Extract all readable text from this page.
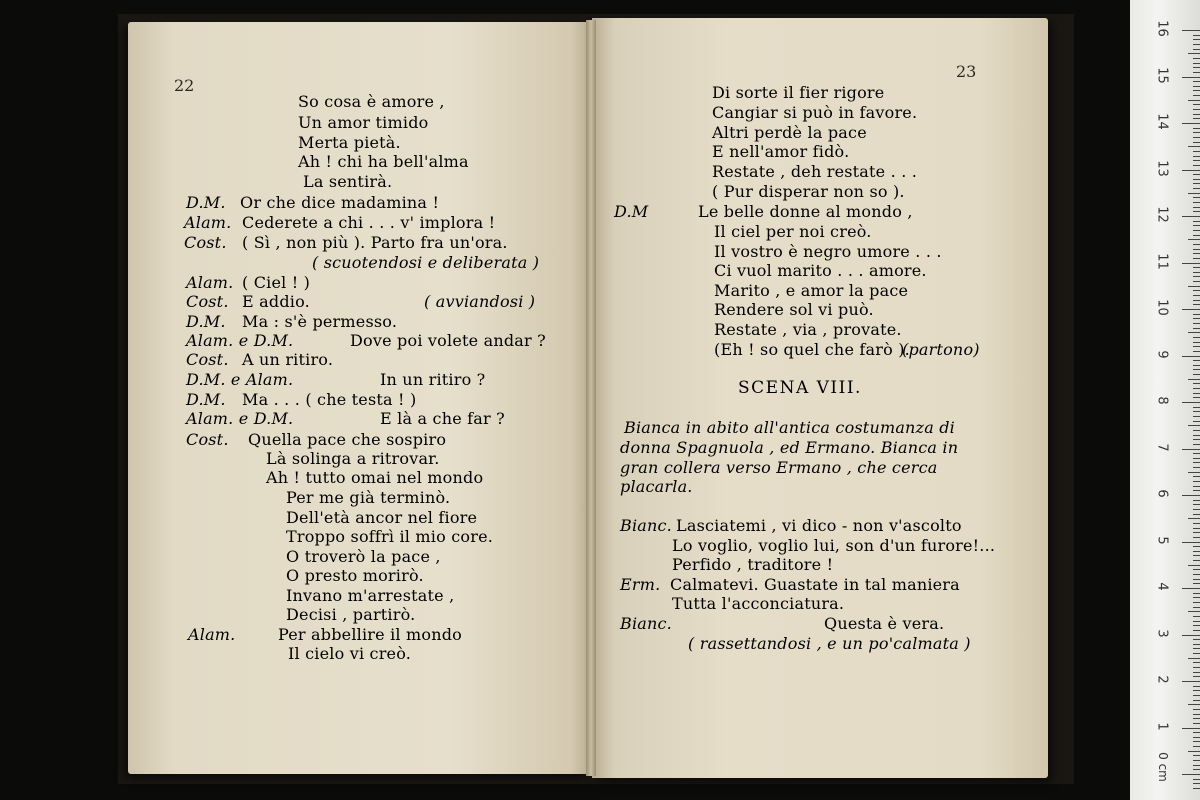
22
23
SCENA VIII.
So cosa è amore ,
Un amor timido
Merta pietà.
Ah ! chi ha bell'alma
La sentirà.
D.M. Or che dice madamina !
Alam. Cederete a chi . . . v' implora !
Cost. ( Sì , non più ). Parto fra un'ora.
( scuotendosi e deliberata )
Alam. ( Ciel ! )
Cost. E addio.	( avviandosi )
D.M. Ma : s'è permesso.
Alam. e D.M.	Dove poi volete andar ?
Cost. A un ritiro.
D.M. e Alam.	In un ritiro ?
D.M. Ma . . . ( che testa ! )
Alam. e D.M.	E là a che far ?
Cost. Quella pace che sospiro
Là solinga a ritrovar.
Ah ! tutto omai nel mondo
Per me già terminò.
Dell'età ancor nel fiore
Troppo soffrì il mio core.
O troverò la pace ,
O presto morirò.
Invano m'arrestate ,
Decisi , partirò.
Alam.	Per abbellire il mondo
Il cielo vi creò.
Di sorte il fier rigore
Cangiar si può in favore.
Altri perdè la pace
E nell'amor fidò.
Restate , deh restate . . .
( Pur disperar non so ).
D.M	Le belle donne al mondo ,
Il ciel per noi creò.
Il vostro è negro umore . . .
Ci vuol marito . . . amore.
Marito , e amor la pace
Rendere sol vi può.
Restate , via , provate.
(Eh ! so quel che farò ).
(partono)
Bianca in abito all'antica costumanza di
donna Spagnuola , ed Ermano. Bianca in
gran collera verso Ermano , che cerca
placarla.
Bianc. Lasciatemi , vi dico - non v'ascolto
Lo voglio, voglio lui, son d'un furore!...
Perfido , traditore !
Erm. Calmatevi. Guastate in tal maniera
Tutta l'acconciatura.
Bianc.	Questa è vera.
( rassettandosi , e un po'calmata )
16
15
14
13
12
11
10
9
8
7
6
5
4
3
2
1
0 cm
